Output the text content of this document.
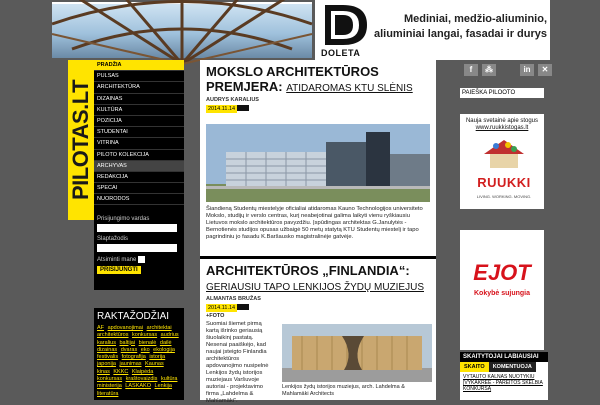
DOLETA
Mediniai, medžio-aliuminio, aliuminiai langai, fasadai ir durys
PILOTAS.LT
PRADŽIA
PULSAS
ARCHITEKTŪRA
DIZAINAS
KULTŪRA
POZICIJA
STUDENTAI
VITRINA
PILOTO KOLEKCIJA
ARCHYVAS
REDAKCIJA
SPECAI
NUORODOS
Prisijungimo vardas
Slaptažodis
Atsiminti mane
PRISIJUNGTI
RAKTAŽODŽIAI
AF apdovanojimai architektai architektūros konkursas audrius karalius baltijai bienalė dailė dizainas dvaras eko ekologija festivalis fotografija istorija japonija jaunimas Kaunas kinas KKKC Klaipėda konkursas kraštovaizdis kultūra ministerija LASKAKO Lenkija literatūra
MOKSLO ARCHITEKTŪROS PREMJERA: ATIDAROMAS KTU SLĖNIS
AUDRYS KARALIUS
2014.11.14
Šiandieną Studentų miestelyje oficialiai atidaromas Kauno Technologijos universiteto Mokslo, studijų ir verslo centras, kurį neabejotinai galima laikyti vienu ryškiausiu Lietuvos mokslo architektūros pavyzdžiu. Įspūdingas architektas G.Janulytės - Bernotienės studijos opusas užbaigė 50 metų statytą KTU Studentų miestelį ir tapo pagrindiniu jo fasadu K.Baršausko magistralinėje gatvėje.
ARCHITEKTŪROS „FINLANDIA“:
GERIAUSIU TAPO LENKIJOS ŽYDŲ MUZIEJUS
ALMANTAS BRUŽAS
2014.11.14
+FOTO
Suomiai šiemet pirmą kartą išrinko geriausią šiuolaikinį pastatą. Nesenai paaiškėjo, kad naujai įsteigto Finlandia architektūros apdovanojimo nusipelnė Lenkijos žydų istorijos muziejaus Varšuvoje autoriai - projektavimo firma „Lahdelma & Mahlamäki“.
Lenkijos žydų istorijos muziejus, arch. Lahdelma & Mahlamäki Architects
f	⁂	in	✕
PAIEŠKA PILOOTO
Nauja svetainė apie stogus
www.ruukkistogas.lt
RUUKKI
LIVING. WORKING. MOVING.
EJOT
Kokybė sujungia
SKAITYTOJAI LABIAUSIAI
SKAITO	KOMENTUOJA
VYTAUTO KALNAS NUOTYKIU ĮVYKAKREE - PAREITOS SKELBIA KONKURSĄ
